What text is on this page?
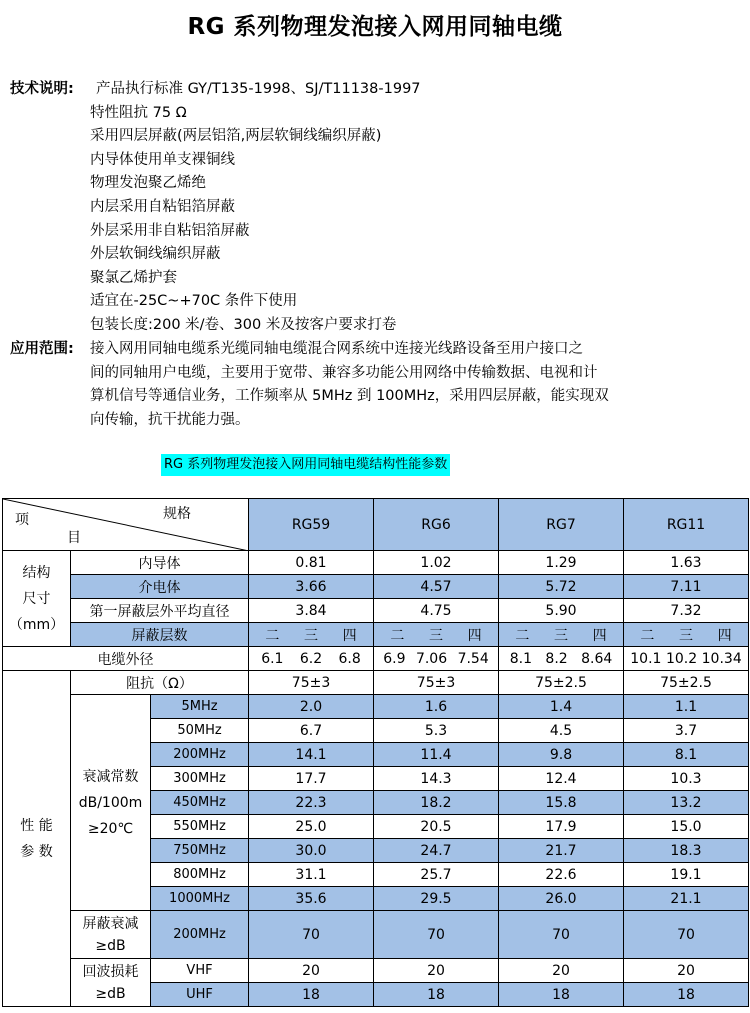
RG 系列物理发泡接入网用同轴电缆
技术说明:	产品执行标准 GY/T135-1998、SJ/T11138-1997
特性阻抗 75 Ω
采用四层屏蔽(两层铝箔,两层软铜线编织屏蔽)
内导体使用单支裸铜线
物理发泡聚乙烯绝
内层采用自粘铝箔屏蔽
外层采用非自粘铝箔屏蔽
外层软铜线编织屏蔽
聚氯乙烯护套
适宜在-25C~+70C 条件下使用
包装长度:200 米/卷、300 米及按客户要求打卷
应用范围:	接入网用同轴电缆系光缆同轴电缆混合网系统中连接光线路设备至用户接口之
间的同轴用户电缆，主要用于宽带、兼容多功能公用网络中传输数据、电视和计
算机信号等通信业务，工作频率从 5MHz 到 100MHz，采用四层屏蔽，能实现双
向传输，抗干扰能力强。
RG 系列物理发泡接入网用同轴电缆结构性能参数
规格
项
目			RG59	RG6	RG7	RG11

结构
尺寸
（mm）	内导体		0.81	1.02	1.29	1.63
	介电体		3.66	4.57	5.72	7.11
	第一屏蔽层外平均直径		3.84	4.75	5.90	7.32
	屏蔽层数		二 三 四	二 三 四	二 三 四	二 三 四

电缆外径			6.1 6.2 6.8	6.9 7.06 7.54	8.1 8.2 8.64	10.1 10.2 10.34

性 能
参 数	阻抗（Ω）		75±3	75±3	75±2.5	75±2.5

	衰减常数
dB/100m
≥20℃	5MHz	2.0	1.6	1.4	1.1
		50MHz	6.7	5.3	4.5	3.7
		200MHz	14.1	11.4	9.8	8.1
		300MHz	17.7	14.3	12.4	10.3
		450MHz	22.3	18.2	15.8	13.2
		550MHz	25.0	20.5	17.9	15.0
		750MHz	30.0	24.7	21.7	18.3
		800MHz	31.1	25.7	22.6	19.1
		1000MHz	35.6	29.5	26.0	21.1

	屏蔽衰减
≥dB	200MHz	70	70	70	70

	回波损耗
≥dB	VHF	20	20	20	20
		UHF	18	18	18	18
